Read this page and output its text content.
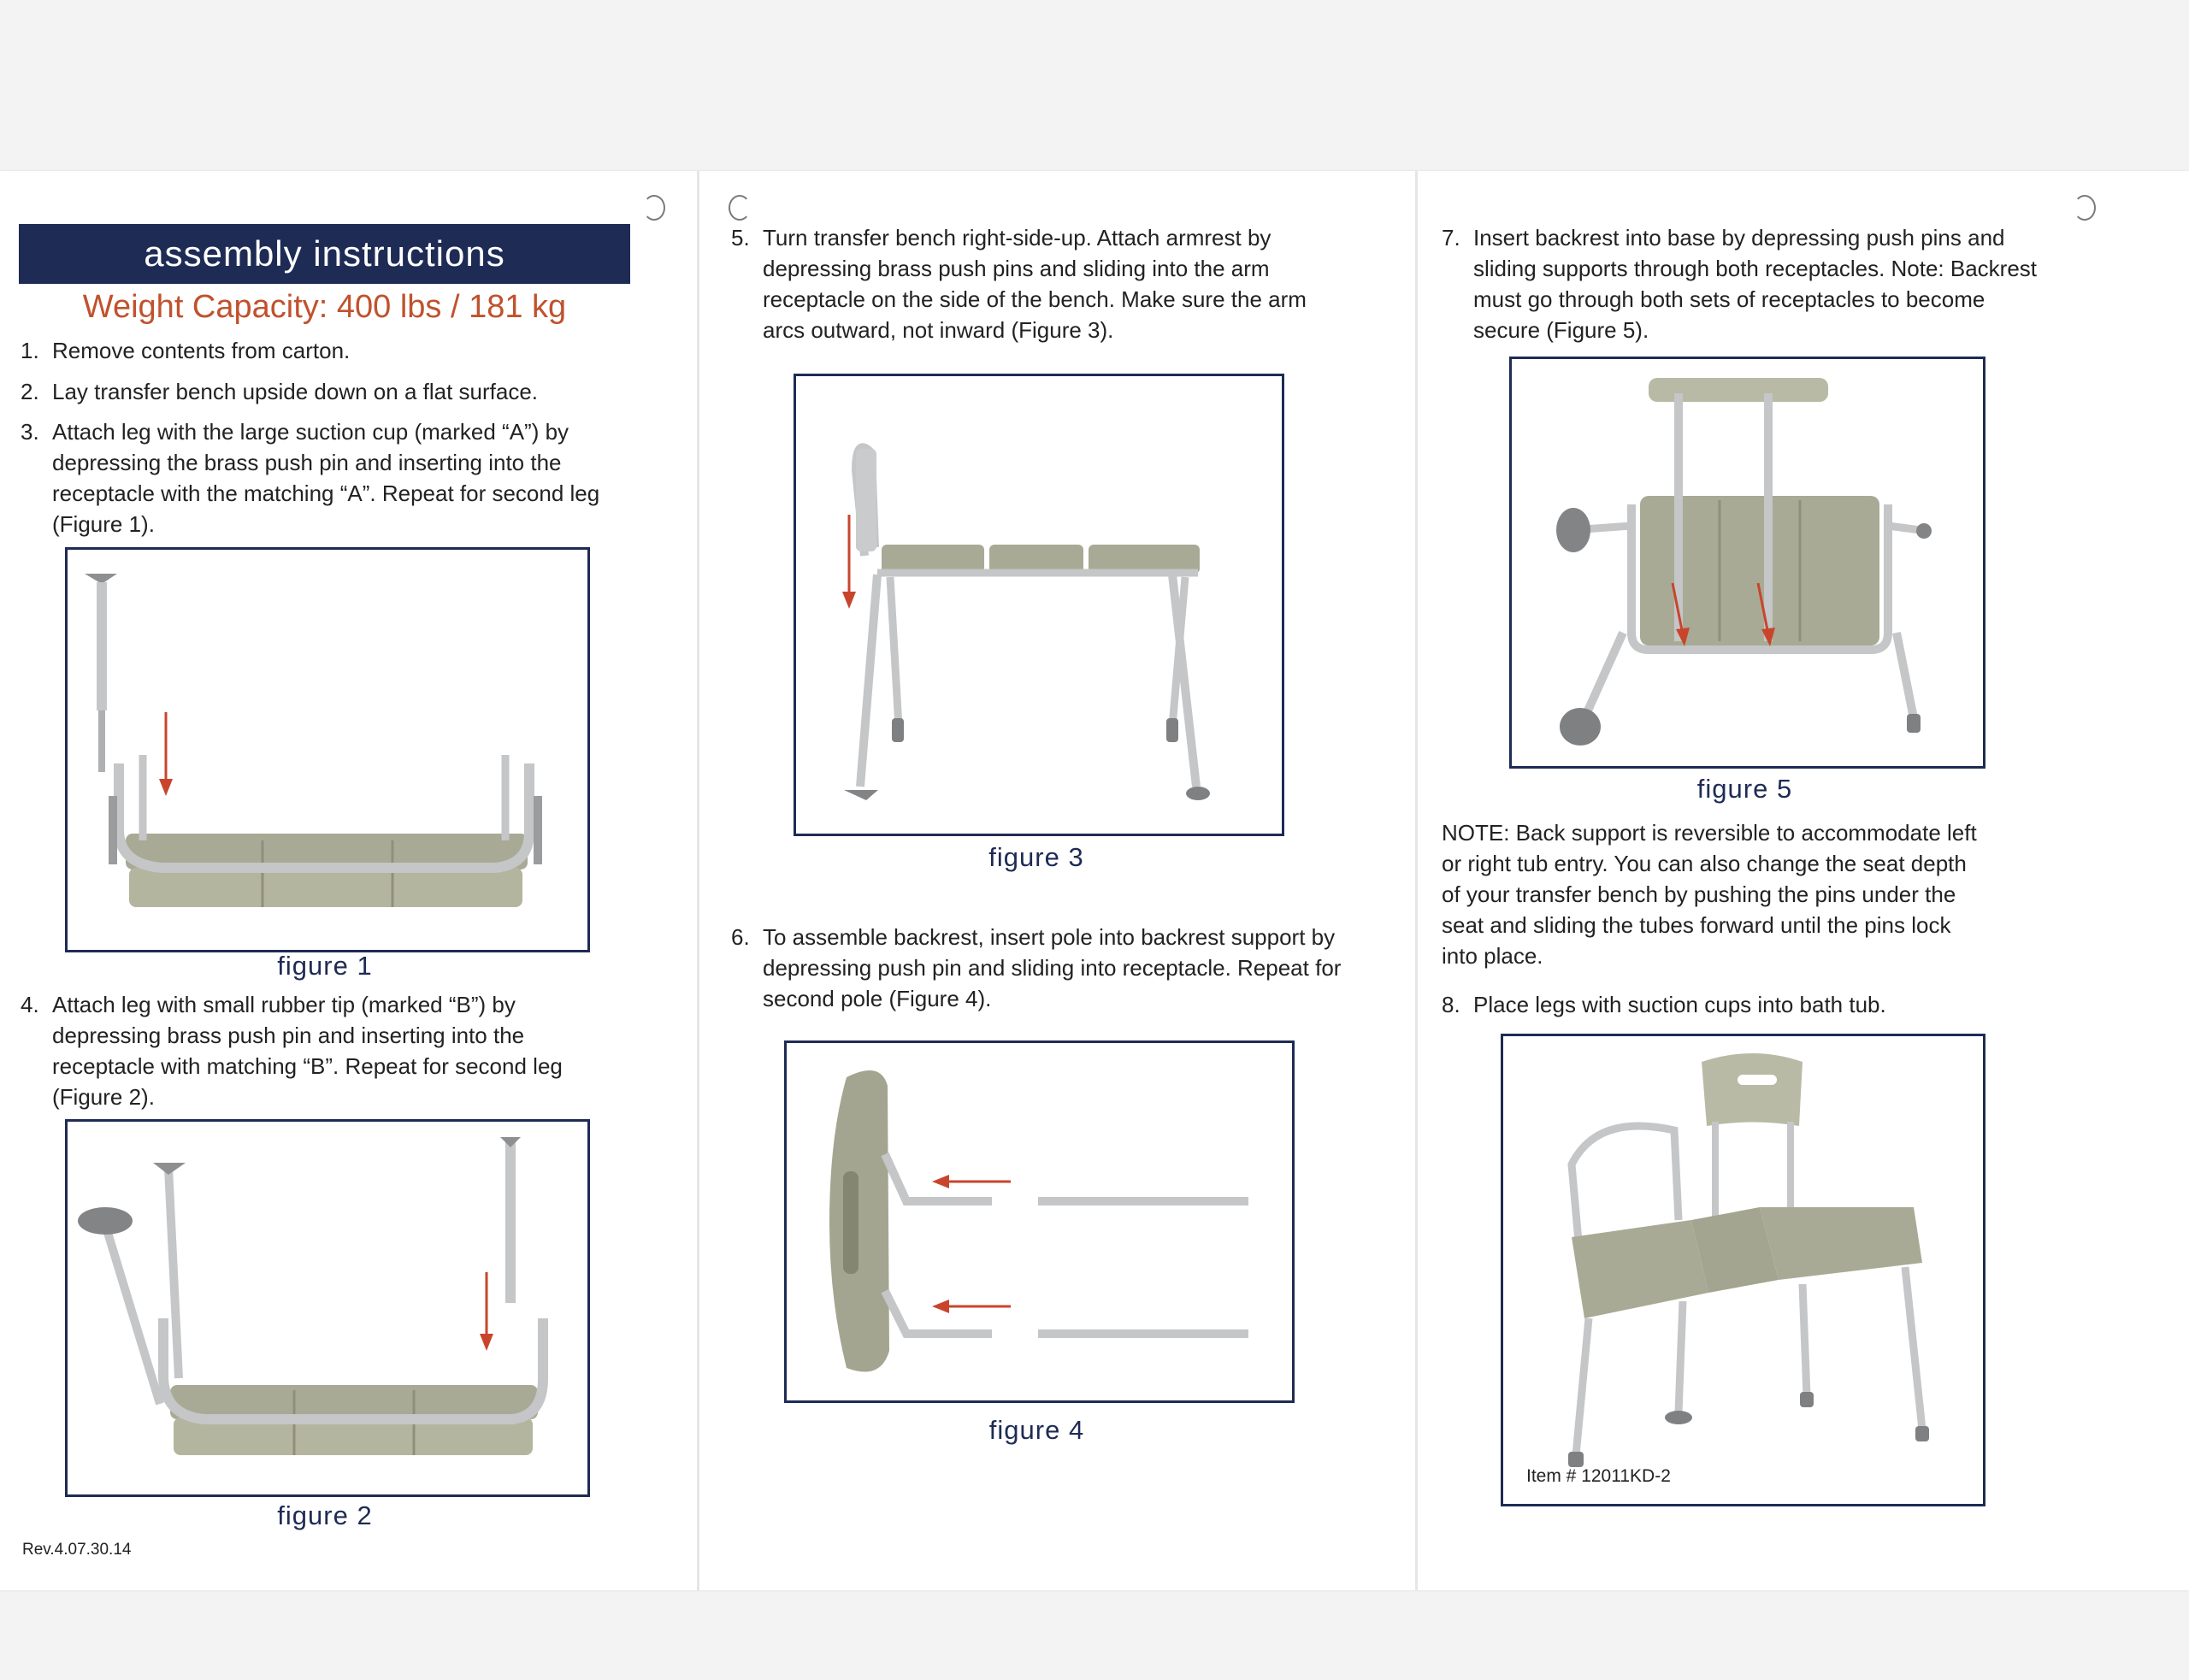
assembly instructions
Weight Capacity: 400 lbs / 181 kg
1. Remove contents from carton.
2. Lay transfer bench upside down on a flat surface.
3. Attach leg with the large suction cup (marked “A”) by depressing the brass push pin and inserting into the receptacle with the matching “A”. Repeat for second leg (Figure 1).
figure 1
4. Attach leg with small rubber tip (marked “B”) by depressing brass push pin and inserting into the receptacle with matching “B”. Repeat for second leg (Figure 2).
figure 2
Rev.4.07.30.14
5. Turn transfer bench right-side-up. Attach armrest by depressing brass push pins and sliding into the arm receptacle on the side of the bench. Make sure the arm arcs outward, not inward (Figure 3).
figure 3
6. To assemble backrest, insert pole into backrest support by depressing push pin and sliding into receptacle. Repeat for second pole (Figure 4).
figure 4
7. Insert backrest into base by depressing push pins and sliding supports through both receptacles. Note: Backrest must go through both sets of receptacles to become secure (Figure 5).
figure 5
NOTE: Back support is reversible to accommodate left or right tub entry. You can also change the seat depth of your transfer bench by pushing the pins under the seat and sliding the tubes forward until the pins lock into place.
8. Place legs with suction cups into bath tub.
Item # 12011KD-2
